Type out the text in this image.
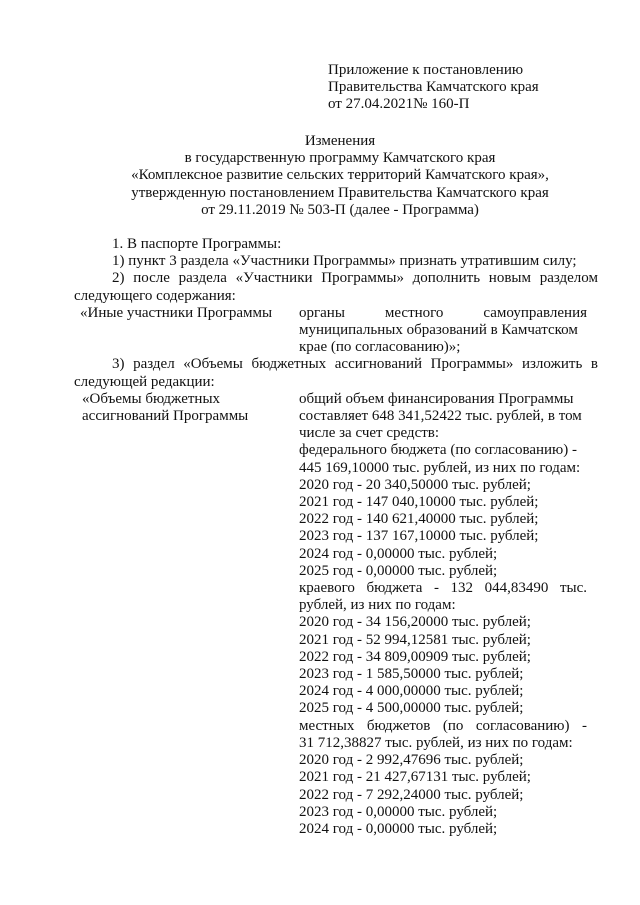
Приложение к постановлению
Правительства Камчатского края
от 27.04.2021№ 160-П
Изменения
в государственную программу Камчатского края
«Комплексное развитие сельских территорий Камчатского края»,
утвержденную постановлением Правительства Камчатского края
от 29.11.2019 № 503-П (далее - Программа)
1. В паспорте Программы:
1) пункт 3 раздела «Участники Программы» признать утратившим силу;
2) после раздела «Участники Программы» дополнить новым разделом
следующего содержания:
«Иные участники Программы	органы местного самоуправления
муниципальных образований в Камчатском
крае (по согласованию)»;
3) раздел «Объемы бюджетных ассигнований Программы» изложить в
следующей редакции:
«Объемы бюджетных
ассигнований Программы
общий объем финансирования Программы
составляет 648 341,52422 тыс. рублей, в том
числе за счет средств:
федерального бюджета (по согласованию) -
445 169,10000 тыс. рублей, из них по годам:
2020 год - 20 340,50000 тыс. рублей;
2021 год - 147 040,10000 тыс. рублей;
2022 год - 140 621,40000 тыс. рублей;
2023 год - 137 167,10000 тыс. рублей;
2024 год - 0,00000 тыс. рублей;
2025 год - 0,00000 тыс. рублей;
краевого бюджета - 132 044,83490 тыс.
рублей, из них по годам:
2020 год - 34 156,20000 тыс. рублей;
2021 год - 52 994,12581 тыс. рублей;
2022 год - 34 809,00909 тыс. рублей;
2023 год - 1 585,50000 тыс. рублей;
2024 год - 4 000,00000 тыс. рублей;
2025 год - 4 500,00000 тыс. рублей;
местных бюджетов (по согласованию) -
31 712,38827 тыс. рублей, из них по годам:
2020 год - 2 992,47696 тыс. рублей;
2021 год - 21 427,67131 тыс. рублей;
2022 год - 7 292,24000 тыс. рублей;
2023 год - 0,00000 тыс. рублей;
2024 год - 0,00000 тыс. рублей;
